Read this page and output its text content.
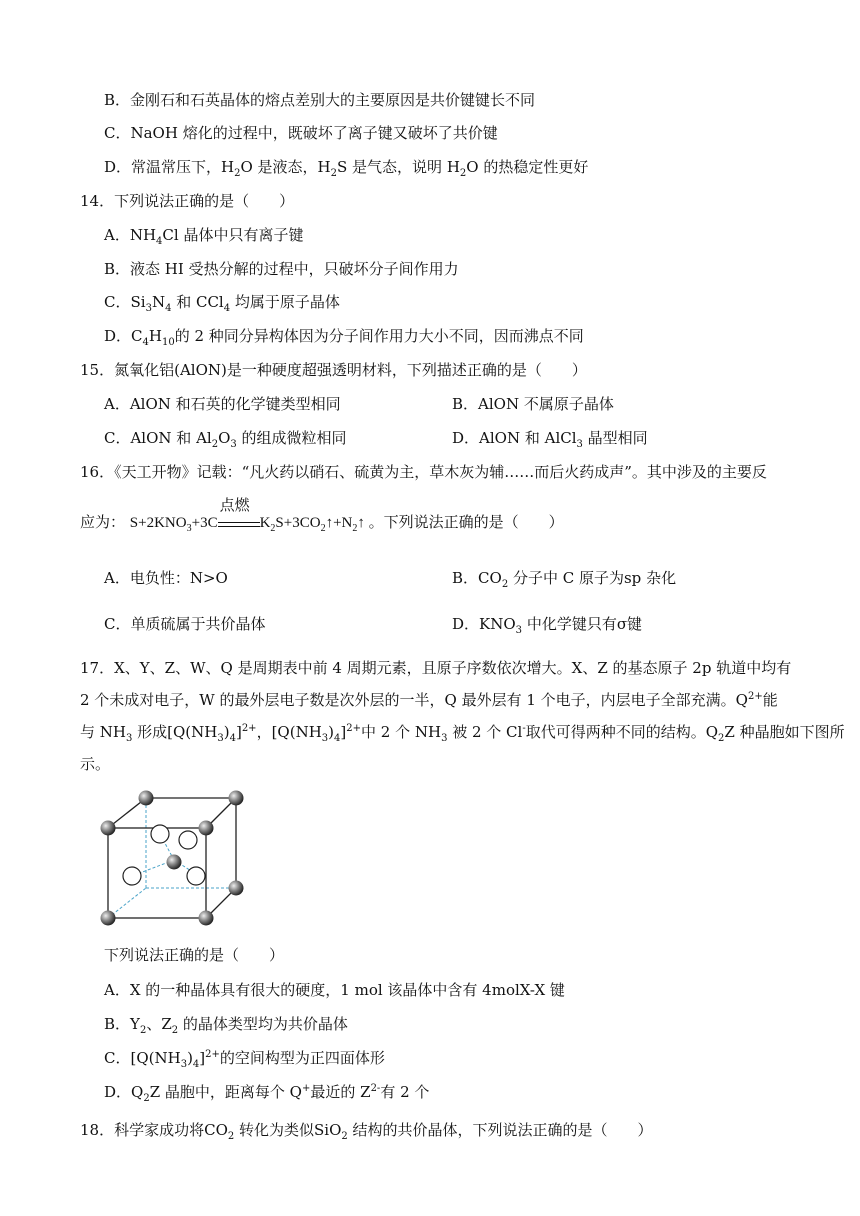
B．金刚石和石英晶体的熔点差别大的主要原因是共价键键长不同
C．NaOH 熔化的过程中，既破坏了离子键又破坏了共价键
D．常温常压下，$H_2O$ 是液态，$H_2S$ 是气态，说明 $H_2O$ 的热稳定性更好
14．下列说法正确的是（　　）
A．$NH_4Cl$ 晶体中只有离子键
B．液态 HI 受热分解的过程中，只破坏分子间作用力
C．$Si_3N_4$ 和 CCl$_4$ 均属于原子晶体
D．$C_4H_{10}$的 2 种同分异构体因为分子间作用力大小不同，因而沸点不同
15．氮氧化铝(AlON)是一种硬度超强透明材料，下列描述正确的是（　　）
A．AlON 和石英的化学键类型相同	B．AlON 不属原子晶体
C．AlON 和 $Al_2O_3$ 的组成微粒相同	D．AlON 和 AlCl$_3$ 晶型相同
16．《天工开物》记载：“凡火药以硝石、硫黄为主，草木灰为辅……而后火药成声”。其中涉及的主要反
应为： $S+2KNO_3+3C$
点燃
$K_2S+3CO_2↑+N_2↑$ 。下列说法正确的是（　　）
A．电负性：N>O	B．$CO_2$ 分子中 C 原子为sp 杂化
C．单质硫属于共价晶体	D．$KNO_3$ 中化学键只有σ键
17．X、Y、Z、W、Q 是周期表中前 4 周期元素，且原子序数依次增大。X、Z 的基态原子 2p 轨道中均有
2 个未成对电子，W 的最外层电子数是次外层的一半，Q 最外层有 1 个电子，内层电子全部充满。$Q^{2+}$能
与 $NH_3$ 形成$[Q(NH_3)_4]^{2+}$，$[Q(NH_3)_4]^{2+}$中 2 个 $NH_3$ 被 2 个 Cl-取代可得两种不同的结构。$Q_2Z$ 种晶胞如下图所
示。
下列说法正确的是（　　）
A．X 的一种晶体具有很大的硬度，1 mol 该晶体中含有 4molX-X 键
B．$Y_2$、$Z_2$ 的晶体类型均为共价晶体
C．$[Q(NH_3)_4]^{2+}$的空间构型为正四面体形
D．$Q_2Z$ 晶胞中，距离每个 Q+最近的 $Z^{2-}$有 2 个
18．科学家成功将$CO_2$ 转化为类似SiO$_2$ 结构的共价晶体，下列说法正确的是（　　）
